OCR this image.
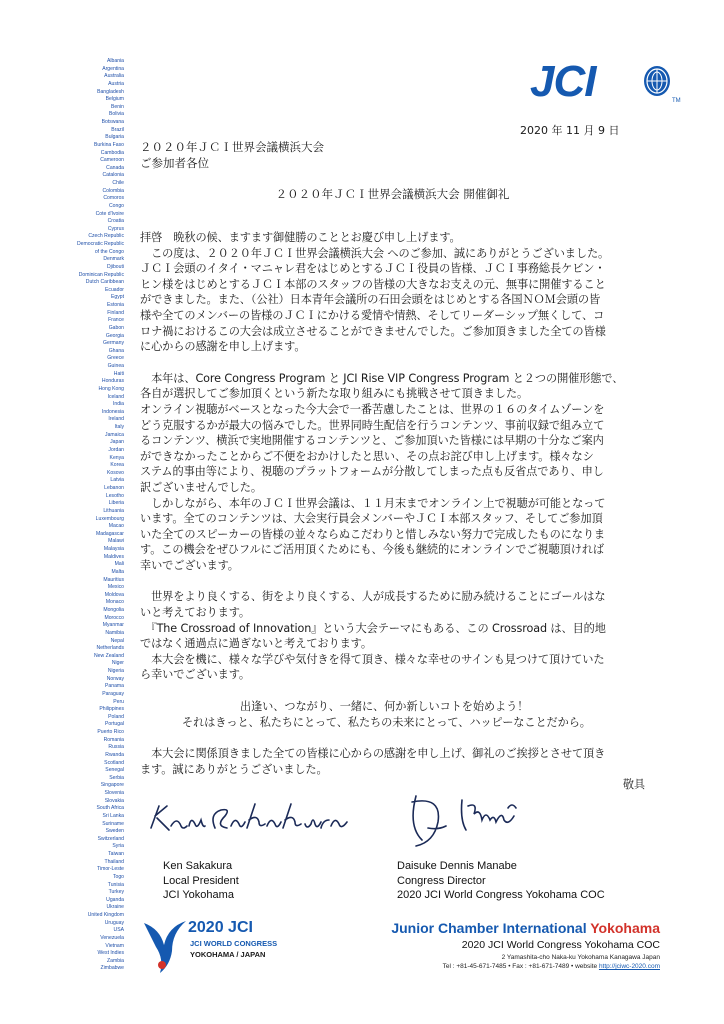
Albania
Argentina
Australia
Austria
Bangladesh
Belgium
Benin
Bolivia
Botswana
Brazil
Bulgaria
Burkina Faso
Cambodia
Cameroon
Canada
Catalonia
Chile
Colombia
Comoros
Congo
Cote d'Ivoire
Croatia
Cyprus
Czech Republic
Democratic Republic
of the Congo
Denmark
Djibouti
Dominican Republic
Dutch Caribbean
Ecuador
Egypt
Estonia
Finland
France
Gabon
Georgia
Germany
Ghana
Greece
Guinea
Haiti
Honduras
Hong Kong
Iceland
India
Indonesia
Ireland
Italy
Jamaica
Japan
Jordan
Kenya
Korea
Kosovo
Latvia
Lebanon
Lesotho
Liberia
Lithuania
Luxembourg
Macao
Madagascar
Malawi
Malaysia
Maldives
Mali
Malta
Mauritius
Mexico
Moldova
Monaco
Mongolia
Morocco
Myanmar
Namibia
Nepal
Netherlands
New Zealand
Niger
Nigeria
Norway
Panama
Paraguay
Peru
Philippines
Poland
Portugal
Puerto Rico
Romania
Russia
Rwanda
Scotland
Senegal
Serbia
Singapore
Slovenia
Slovakia
South Africa
Sri Lanka
Suriname
Sweden
Switzerland
Syria
Taiwan
Thailand
Timor-Leste
Togo
Tunisia
Turkey
Uganda
Ukraine
United Kingdom
Uruguay
USA
Venezuela
Vietnam
West Indies
Zambia
Zimbabwe
JCI	TM
2020 年 11 月 9 日
２０２０年ＪＣＩ世界会議横浜大会
ご参加者各位
２０２０年ＪＣＩ世界会議横浜大会 開催御礼

拝啓　晩秋の候、ますます御健勝のこととお慶び申し上げます。

　この度は、２０２０年ＪＣＩ世界会議横浜大会 へのご参加、誠にありがとうございました。

ＪＣＩ会頭のイタイ・マニャレ君をはじめとするＪＣＩ役員の皆様、ＪＣＩ事務総長ケビン・

ヒン様をはじめとするＪＣＩ本部のスタッフの皆様の大きなお支えの元、無事に開催すること

ができました。また、（公社）日本青年会議所の石田会頭をはじめとする各国ＮＯＭ会頭の皆

様や全てのメンバーの皆様のＪＣＩにかける愛情や情熱、そしてリーダーシップ無くして、コ

ロナ禍におけるこの大会は成立させることができませんでした。ご参加頂きました全ての皆様

に心からの感謝を申し上げます。

　本年は、Core Congress Program と JCI Rise VIP Congress Program と２つの開催形態で、

各自が選択してご参加頂くという新たな取り組みにも挑戦させて頂きました。

オンライン視聴がベースとなった今大会で一番苦慮したことは、世界の１６のタイムゾーンを

どう克服するかが最大の悩みでした。世界同時生配信を行うコンテンツ、事前収録で組み立て

るコンテンツ、横浜で実地開催するコンテンツと、ご参加頂いた皆様には早期の十分なご案内

ができなかったことからご不便をおかけしたと思い、その点お詫び申し上げます。様々なシ

ステム的事由等により、視聴のプラットフォームが分散してしまった点も反省点であり、申し

訳ございませんでした。

　しかしながら、本年のＪＣＩ世界会議は、１１月末までオンライン上で視聴が可能となって

います。全てのコンテンツは、大会実行員会メンバーやＪＣＩ本部スタッフ、そしてご参加頂

いた全てのスピーカーの皆様の並々ならぬこだわりと惜しみない努力で完成したものになりま

す。この機会をぜひフルにご活用頂くためにも、今後も継続的にオンラインでご視聴頂ければ

幸いでございます。

　世界をより良くする、街をより良くする、人が成長するために励み続けることにゴールはな

いと考えております。

　『The Crossroad of Innovation』という大会テーマにもある、この Crossroad は、目的地

ではなく通過点に過ぎないと考えております。

　本大会を機に、様々な学びや気付きを得て頂き、様々な幸せのサインも見つけて頂けていた

ら幸いでございます。

出逢い、つながり、一緒に、何か新しいコトを始めよう！

それはきっと、私たちにとって、私たちの未来にとって、ハッピーなことだから。

　本大会に関係頂きました全ての皆様に心からの感謝を申し上げ、御礼のご挨拶とさせて頂き

ます。誠にありがとうございました。

敬具

Ken Sakakura
Local President
JCI Yokohama
Daisuke Dennis Manabe
Congress Director
2020 JCI World Congress Yokohama COC
2020 JCI
JCI WORLD CONGRESS
YOKOHAMA / JAPAN
Junior Chamber International Yokohama
2020 JCI World Congress Yokohama COC
2 Yamashita-cho Naka-ku Yokohama Kanagawa Japan
Tel : +81-45-671-7485 • Fax : +81-671-7489 • website http://jciwc-2020.com
